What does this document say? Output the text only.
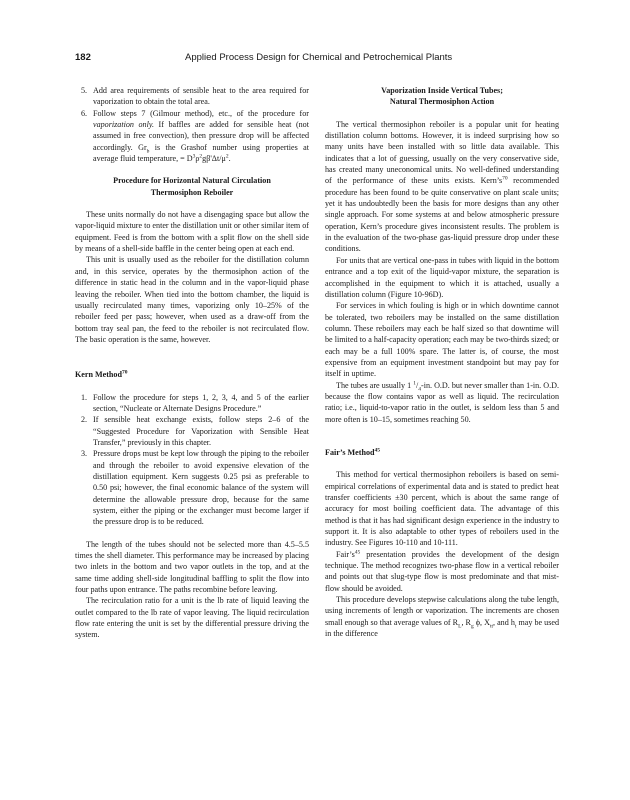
182	Applied Process Design for Chemical and Petrochemical Plants
5. Add area requirements of sensible heat to the area required for vaporization to obtain the total area.
6. Follow steps 7 (Gilmour method), etc., of the procedure for vaporization only. If baffles are added for sensible heat (not assumed in free convection), then pressure drop will be affected accordingly. $Gr_b$ is the Grashof number using properties at average fluid temperature, = $D^3\rho^2g\beta'\Delta t/\mu^2$.
Procedure for Horizontal Natural Circulation
Thermosiphon Reboiler

These units normally do not have a disengaging space but allow the vapor-liquid mixture to enter the distillation unit or other similar item of equipment. Feed is from the bottom with a split flow on the shell side by means of a shell-side baffle in the center being open at each end.

This unit is usually used as the reboiler for the distillation column and, in this service, operates by the thermosiphon action of the difference in static head in the column and in the vapor-liquid phase leaving the reboiler. When tied into the bottom chamber, the liquid is usually recirculated many times, vaporizing only 10–25% of the reboiler feed per pass; however, when used as a draw-off from the bottom tray seal pan, the feed to the reboiler is not recirculated flow. The basic operation is the same, however.

Kern Method$^{70}$
1. Follow the procedure for steps 1, 2, 3, 4, and 5 of the earlier section, “Nucleate or Alternate Designs Procedure.”
2. If sensible heat exchange exists, follow steps 2–6 of the “Suggested Procedure for Vaporization with Sensible Heat Transfer,” previously in this chapter.
3. Pressure drops must be kept low through the piping to the reboiler and through the reboiler to avoid expensive elevation of the distillation equipment. Kern suggests 0.25 psi as preferable to 0.50 psi; however, the final economic balance of the system will determine the allowable pressure drop, because for the same system, either the piping or the exchanger must become larger if the pressure drop is to be reduced.

The length of the tubes should not be selected more than 4.5–5.5 times the shell diameter. This performance may be increased by placing two inlets in the bottom and two vapor outlets in the top, and at the same time adding shell-side longitudinal baffling to split the flow into four paths upon entrance. The paths recombine before leaving.

The recirculation ratio for a unit is the lb rate of liquid leaving the outlet compared to the lb rate of vapor leaving. The liquid recirculation flow rate entering the unit is set by the differential pressure driving the system.

Vaporization Inside Vertical Tubes;
Natural Thermosiphon Action

The vertical thermosiphon reboiler is a popular unit for heating distillation column bottoms. However, it is indeed surprising how so many units have been installed with so little data available. This indicates that a lot of guessing, usually on the very conservative side, has created many uneconomical units. No well-defined understanding of the performance of these units exists. $Kern’s^{70}$ recommended procedure has been found to be quite conservative on plant scale units; yet it has undoubtedly been the basis for more designs than any other single approach. For some systems at and below atmospheric pressure operation, Kern’s procedure gives inconsistent results. The problem is in the evaluation of the two-phase gas-liquid pressure drop under these conditions.

For units that are vertical one-pass in tubes with liquid in the bottom entrance and a top exit of the liquid-vapor mixture, the separation is accomplished in the equipment to which it is attached, usually a distillation column (Figure 10-96D).

For services in which fouling is high or in which downtime cannot be tolerated, two reboilers may be installed on the same distillation column. These reboilers may each be half sized so that downtime will be limited to a half-capacity operation; each may be two-thirds sized; or each may be a full 100% spare. The latter is, of course, the most expensive from an equipment investment standpoint but may pay for itself in uptime.

The tubes are usually 1 $^1/_4-in$. O.D. but never smaller than 1-in. O.D. because the flow contains vapor as well as liquid. The recirculation ratio; i.e., liquid-to-vapor ratio in the outlet, is seldom less than 5 and more often is 10–15, sometimes reaching 50.

Fair’s Method$^{45}$

This method for vertical thermosiphon reboilers is based on semi-empirical correlations of experimental data and is stated to predict heat transfer coefficients ±30 percent, which is about the same range of accuracy for most boiling coefficient data. The advantage of this method is that it has had significant design experience in the industry to support it. It is also adaptable to other types of reboilers used in the industry. See Figures 10-110 and 10-111.

$Fair’s^{45}$ presentation provides the development of the design technique. The method recognizes two-phase flow in a vertical reboiler and points out that slug-type flow is most predominate and that mist-flow should be avoided.

This procedure develops stepwise calculations along the tube length, using increments of length or vaporization. The increments are chosen small enough so that average values of $R_L$, $R_g$ ϕ, $X_{tt}$, and $h_t$ may be used in the difference
